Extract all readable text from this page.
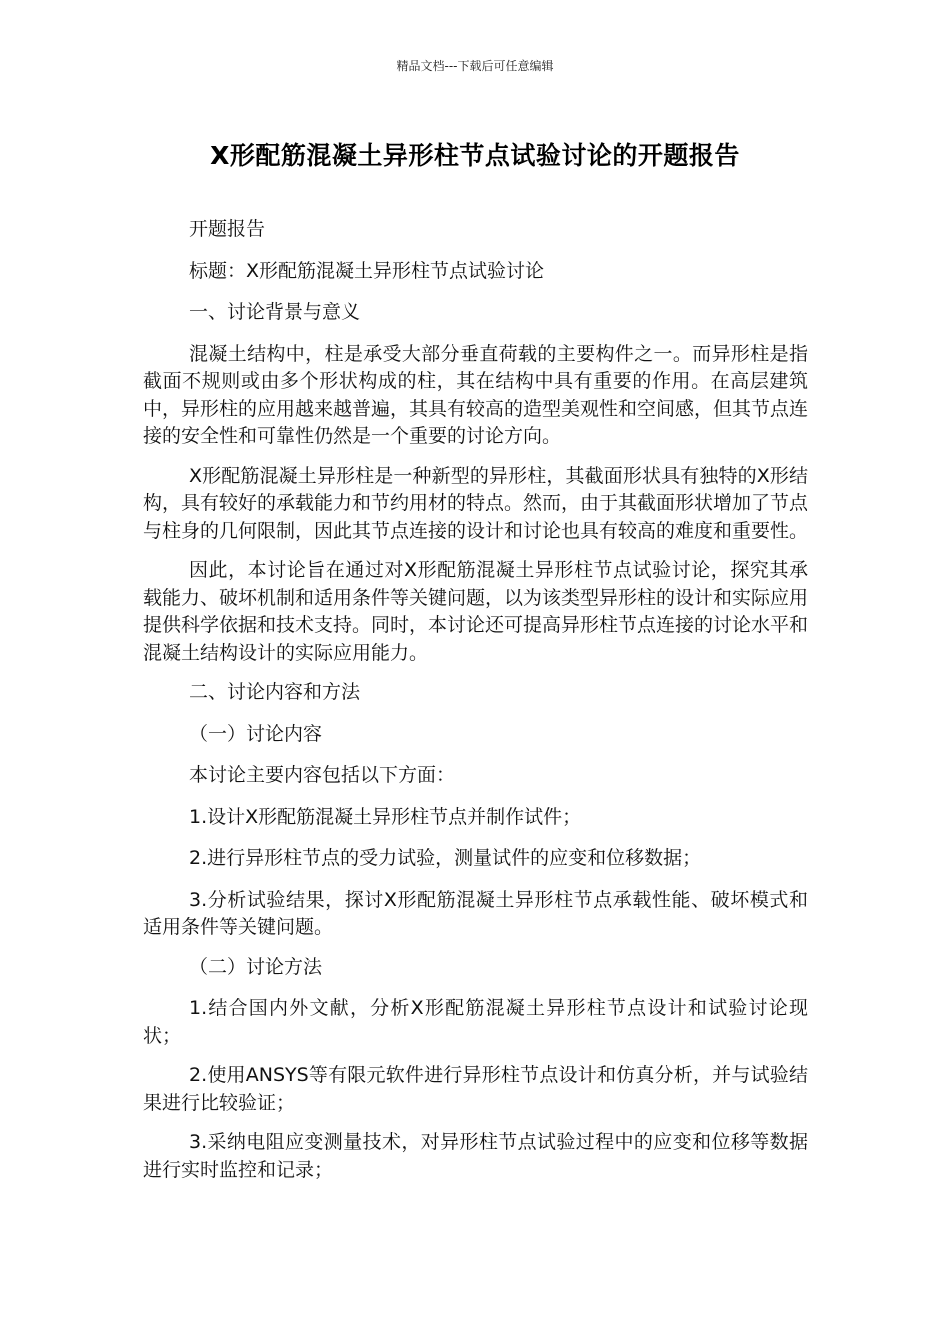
精品文档---下载后可任意编辑
X形配筋混凝土异形柱节点试验讨论的开题报告

开题报告

标题：X形配筋混凝土异形柱节点试验讨论

一、讨论背景与意义

混凝土结构中，柱是承受大部分垂直荷载的主要构件之一。而异形柱是指截面不规则或由多个形状构成的柱，其在结构中具有重要的作用。在高层建筑中，异形柱的应用越来越普遍，其具有较高的造型美观性和空间感，但其节点连接的安全性和可靠性仍然是一个重要的讨论方向。

X形配筋混凝土异形柱是一种新型的异形柱，其截面形状具有独特的X形结构，具有较好的承载能力和节约用材的特点。然而，由于其截面形状增加了节点与柱身的几何限制，因此其节点连接的设计和讨论也具有较高的难度和重要性。

因此，本讨论旨在通过对X形配筋混凝土异形柱节点试验讨论，探究其承载能力、破坏机制和适用条件等关键问题，以为该类型异形柱的设计和实际应用提供科学依据和技术支持。同时，本讨论还可提高异形柱节点连接的讨论水平和混凝土结构设计的实际应用能力。

二、讨论内容和方法

（一）讨论内容

本讨论主要内容包括以下方面：

1.设计X形配筋混凝土异形柱节点并制作试件；

2.进行异形柱节点的受力试验，测量试件的应变和位移数据；

3.分析试验结果，探讨X形配筋混凝土异形柱节点承载性能、破坏模式和适用条件等关键问题。

（二）讨论方法

1.结合国内外文献，分析X形配筋混凝土异形柱节点设计和试验讨论现状；

2.使用ANSYS等有限元软件进行异形柱节点设计和仿真分析，并与试验结果进行比较验证；

3.采纳电阻应变测量技术，对异形柱节点试验过程中的应变和位移等数据进行实时监控和记录；
